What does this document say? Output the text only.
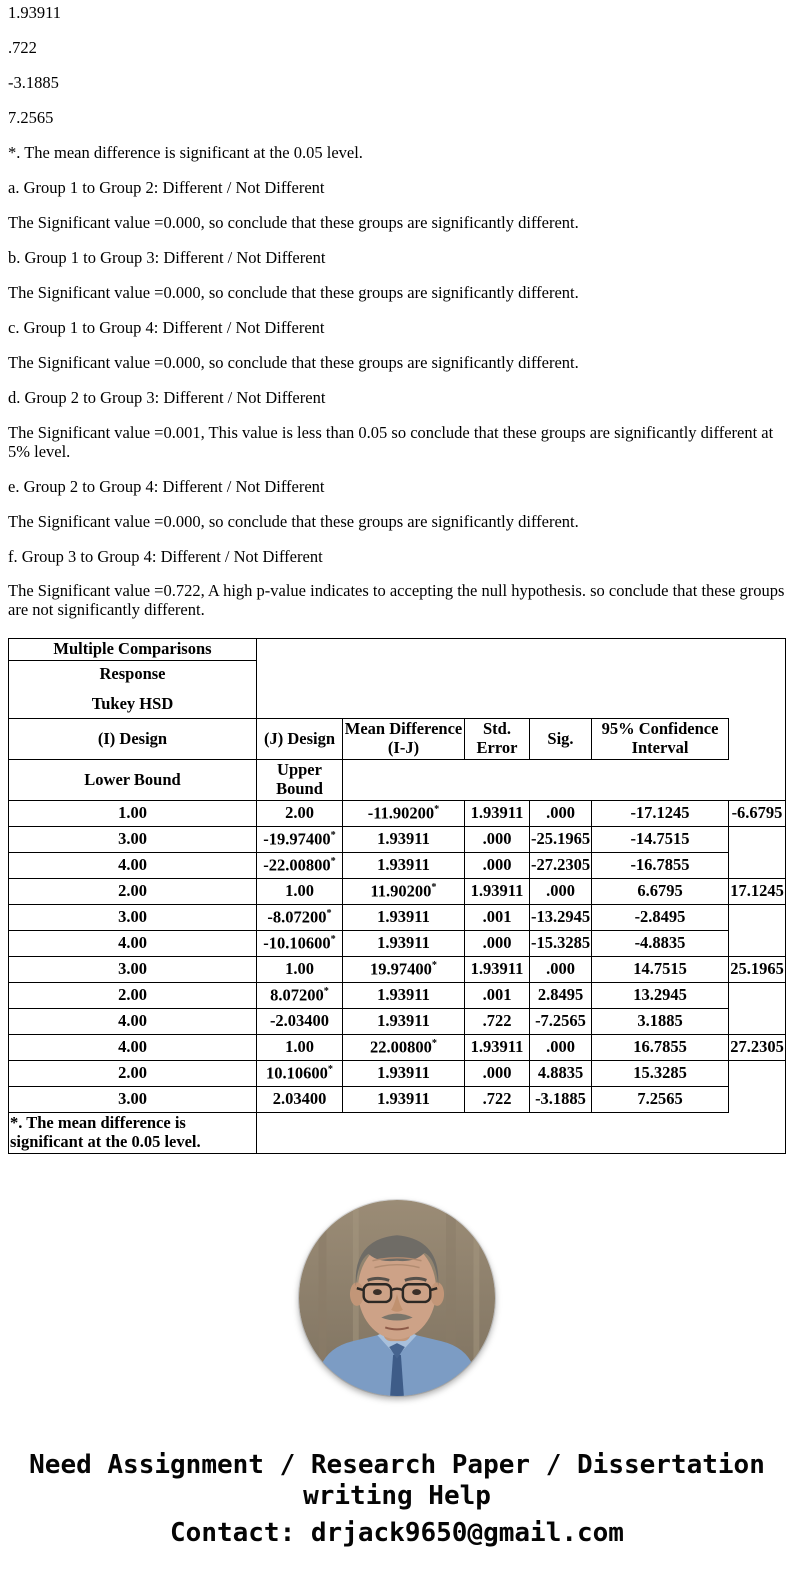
1.93911

.722

-3.1885

7.2565

*. The mean difference is significant at the 0.05 level.

a. Group 1 to Group 2: Different / Not Different

The Significant value =0.000, so conclude that these groups are significantly different.

b. Group 1 to Group 3: Different / Not Different

The Significant value =0.000, so conclude that these groups are significantly different.

c. Group 1 to Group 4: Different / Not Different

The Significant value =0.000, so conclude that these groups are significantly different.

d. Group 2 to Group 3: Different / Not Different

The Significant value =0.001, This value is less than 0.05 so conclude that these groups are significantly different at 5% level.

e. Group 2 to Group 4: Different / Not Different

The Significant value =0.000, so conclude that these groups are significantly different.

f. Group 3 to Group 4: Different / Not Different

The Significant value =0.722, A high p-value indicates to accepting the null hypothesis. so conclude that these groups are not significantly different.

Multiple Comparisons						

Response
Tukey HSD						

(I) Design	(J) Design	Mean Difference (I-J)	Std. Error	Sig.	95% Confidence Interval	
Lower Bound	Upper Bound					
1.00	2.00	-11.90200*	1.93911	.000	-17.1245	-6.6795
3.00	-19.97400*	1.93911	.000	-25.1965	-14.7515	
4.00	-22.00800*	1.93911	.000	-27.2305	-16.7855	
2.00	1.00	11.90200*	1.93911	.000	6.6795	17.1245
3.00	-8.07200*	1.93911	.001	-13.2945	-2.8495	
4.00	-10.10600*	1.93911	.000	-15.3285	-4.8835	
3.00	1.00	19.97400*	1.93911	.000	14.7515	25.1965
2.00	8.07200*	1.93911	.001	2.8495	13.2945	
4.00	-2.03400	1.93911	.722	-7.2565	3.1885	
4.00	1.00	22.00800*	1.93911	.000	16.7855	27.2305
2.00	10.10600*	1.93911	.000	4.8835	15.3285	
3.00	2.03400	1.93911	.722	-3.1885	7.2565	
*. The mean difference is significant at the 0.05 level.						

Need Assignment / Research Paper / Dissertation writing Help

Contact: drjack9650@gmail.com
